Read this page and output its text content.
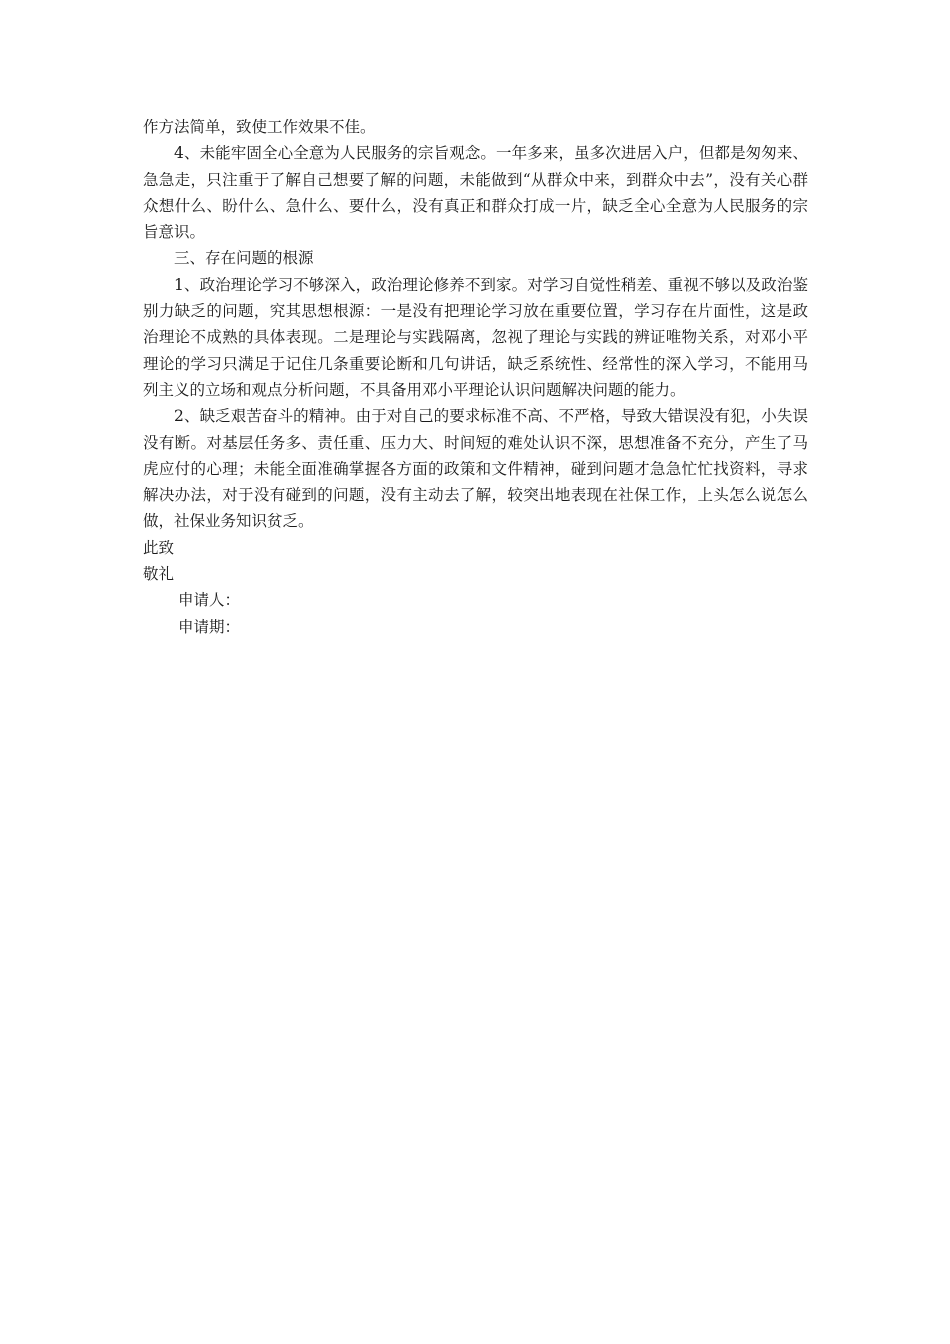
作方法简单，致使工作效果不佳。

4、未能牢固全心全意为人民服务的宗旨观念。一年多来，虽多次进居入户，但都是匆匆来、急急走，只注重于了解自己想要了解的问题，未能做到“从群众中来，到群众中去”，没有关心群众想什么、盼什么、急什么、要什么，没有真正和群众打成一片，缺乏全心全意为人民服务的宗旨意识。

三、存在问题的根源

1、政治理论学习不够深入，政治理论修养不到家。对学习自觉性稍差、重视不够以及政治鉴别力缺乏的问题，究其思想根源：一是没有把理论学习放在重要位置，学习存在片面性，这是政治理论不成熟的具体表现。二是理论与实践隔离，忽视了理论与实践的辨证唯物关系，对邓小平理论的学习只满足于记住几条重要论断和几句讲话，缺乏系统性、经常性的深入学习，不能用马列主义的立场和观点分析问题，不具备用邓小平理论认识问题解决问题的能力。

2、缺乏艰苦奋斗的精神。由于对自己的要求标准不高、不严格，导致大错误没有犯，小失误没有断。对基层任务多、责任重、压力大、时间短的难处认识不深，思想准备不充分，产生了马虎应付的心理；未能全面准确掌握各方面的政策和文件精神，碰到问题才急急忙忙找资料，寻求解决办法，对于没有碰到的问题，没有主动去了解，较突出地表现在社保工作，上头怎么说怎么做，社保业务知识贫乏。

此致

敬礼

申请人：

申请期：
